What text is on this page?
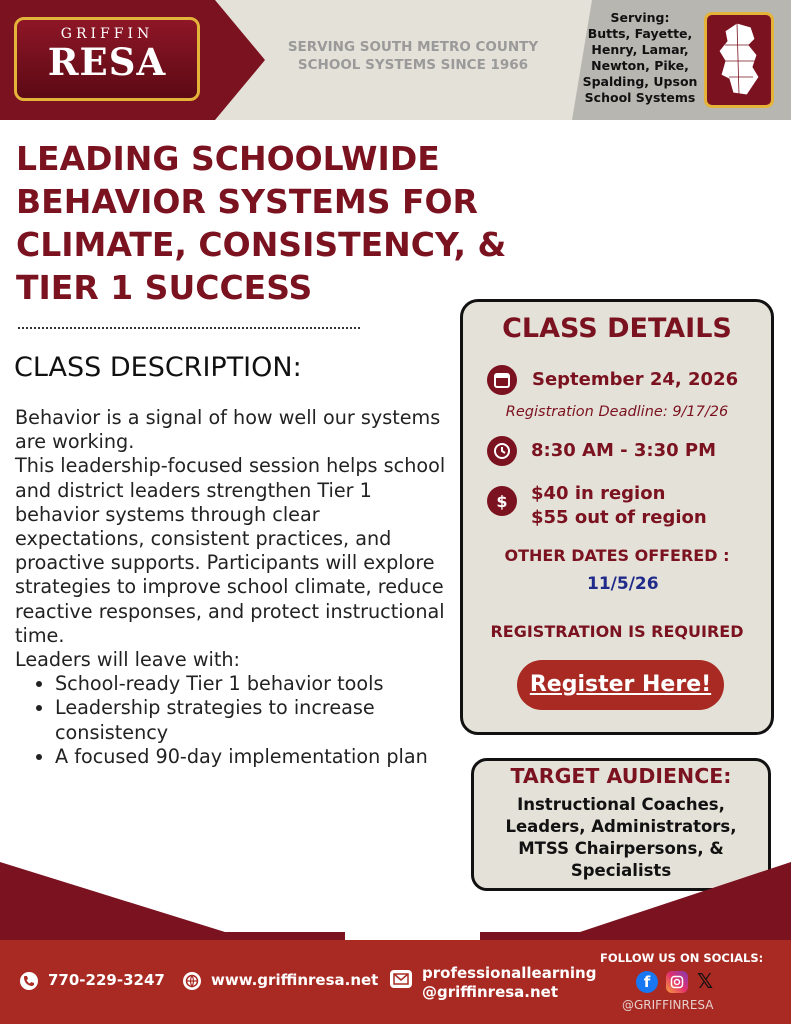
GRIFFIN
RESA	SERVING SOUTH METRO COUNTY
SCHOOL SYSTEMS SINCE 1966
Serving:
Butts, Fayette,
Henry, Lamar,
Newton, Pike,
Spalding, Upson
School Systems
LEADING SCHOOLWIDE
BEHAVIOR SYSTEMS FOR
CLIMATE, CONSISTENCY, &
TIER 1 SUCCESS
CLASS DESCRIPTION:

Behavior is a signal of how well our systems are working.

This leadership-focused session helps school and district leaders strengthen Tier 1 behavior systems through clear expectations, consistent practices, and proactive supports. Participants will explore strategies to improve school climate, reduce reactive responses, and protect instructional time.

Leaders will leave with:

• School-ready Tier 1 behavior tools
• Leadership strategies to increase consistency
• A focused 90-day implementation plan
CLASS DETAILS
September 24, 2026
Registration Deadline: 9/17/26
8:30 AM - 3:30 PM
$	$40 in region
$55 out of region
OTHER DATES OFFERED :
11/5/26
REGISTRATION IS REQUIRED
Register Here!
TARGET AUDIENCE:
Instructional Coaches,
Leaders, Administrators,
MTSS Chairpersons, &
Specialists
770-229-3247	www.griffinresa.net	professionallearning
@griffinresa.net
FOLLOW US ON SOCIALS:
f	𝕏
@GRIFFINRESA
